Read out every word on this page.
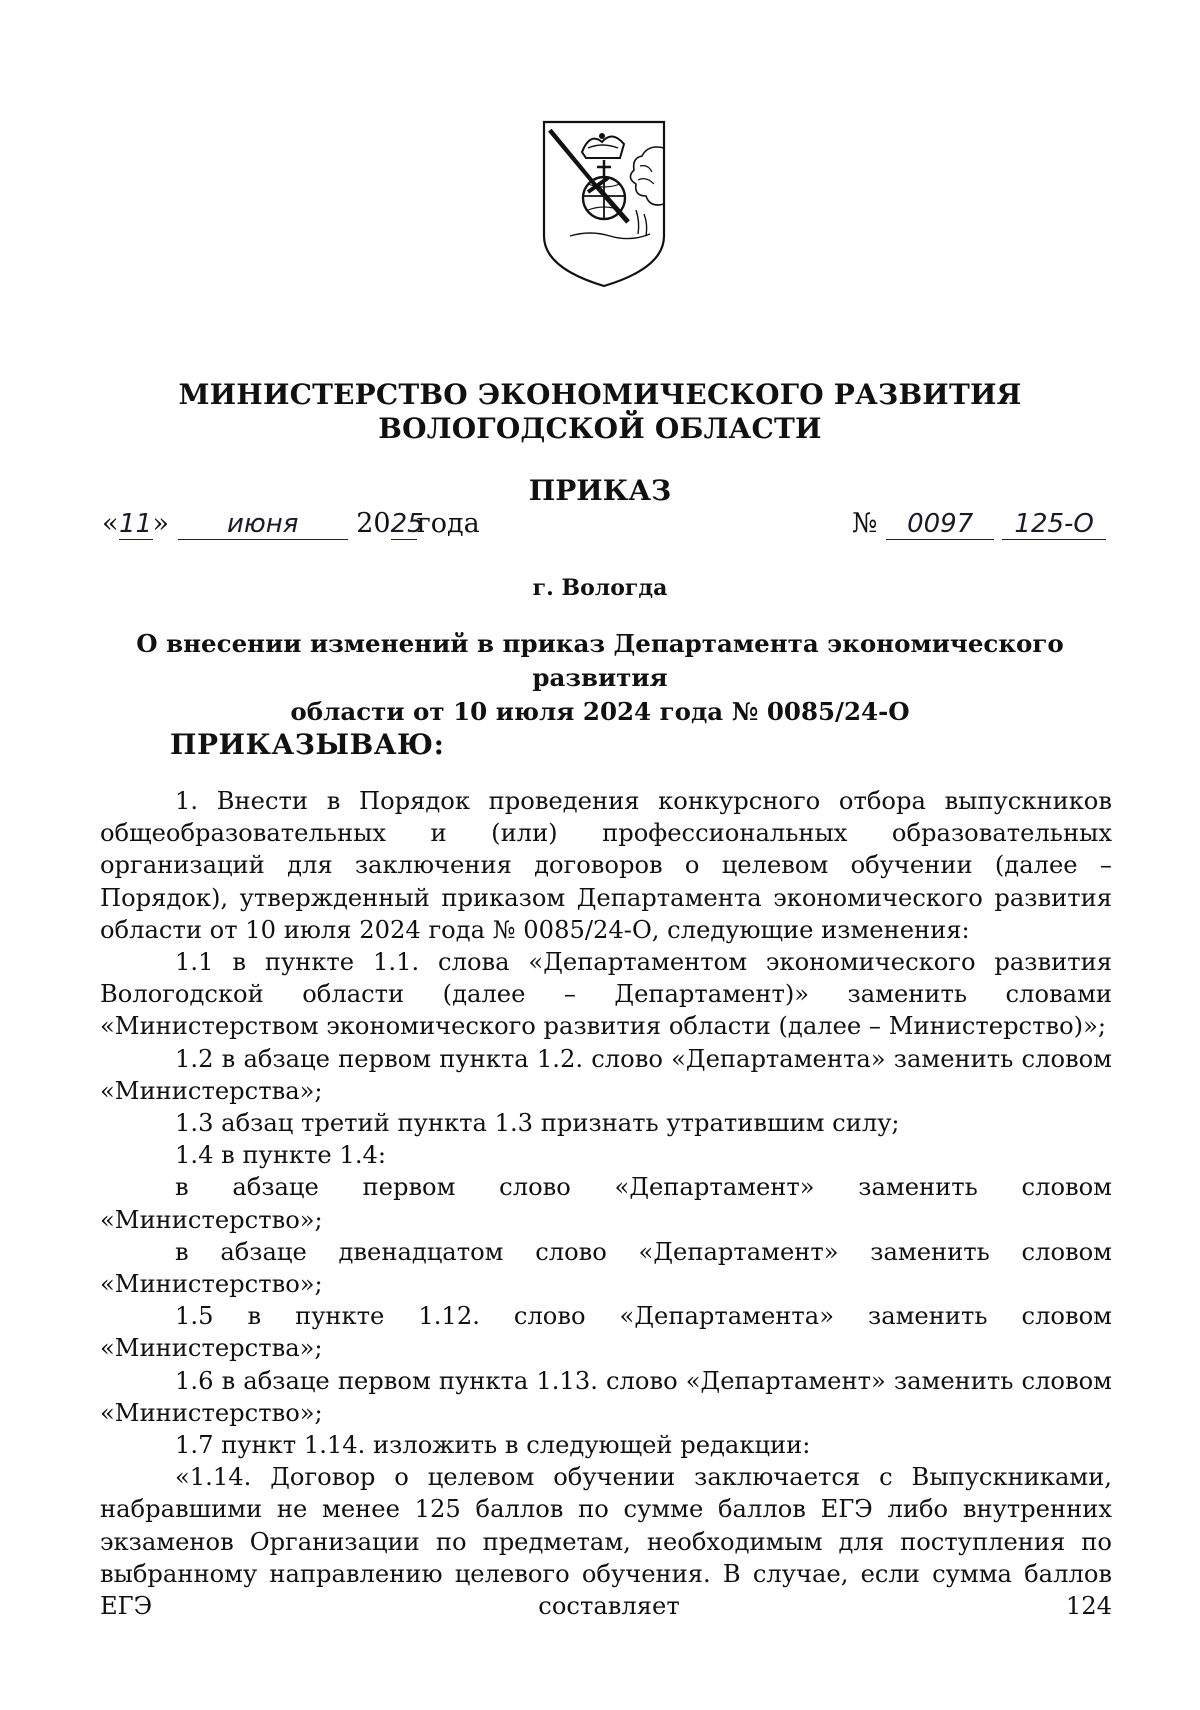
МИНИСТЕРСТВО ЭКОНОМИЧЕСКОГО РАЗВИТИЯ
ВОЛОГОДСКОЙ ОБЛАСТИ
ПРИКАЗ
«11» июня 2025года	№ 0097 125-О
г. Вологда
О внесении изменений в приказ Департамента экономического развития
области от 10 июля 2024 года № 0085/24-О
ПРИКАЗЫВАЮ:

1. Внести в Порядок проведения конкурсного отбора выпускников общеобразовательных и (или) профессиональных образовательных организаций для заключения договоров о целевом обучении (далее – Порядок), утвержденный приказом Департамента экономического развития области от 10 июля 2024 года № 0085/24-О, следующие изменения:

1.1 в пункте 1.1. слова «Департаментом экономического развития Вологодской области (далее – Департамент)» заменить словами «Министерством экономического развития области (далее – Министерство)»;

1.2 в абзаце первом пункта 1.2. слово «Департамента» заменить словом «Министерства»;

1.3 абзац третий пункта 1.3 признать утратившим силу;

1.4 в пункте 1.4:

в абзаце первом слово «Департамент» заменить словом «Министерство»;

в абзаце двенадцатом слово «Департамент» заменить словом «Министерство»;

1.5 в пункте 1.12. слово «Департамента» заменить словом «Министерства»;

1.6 в абзаце первом пункта 1.13. слово «Департамент» заменить словом «Министерство»;

1.7 пункт 1.14. изложить в следующей редакции:

«1.14. Договор о целевом обучении заключается с Выпускниками, набравшими не менее 125 баллов по сумме баллов ЕГЭ либо внутренних экзаменов Организации по предметам, необходимым для поступления по выбранному направлению целевого обучения. В случае, если сумма баллов ЕГЭ составляет 124
